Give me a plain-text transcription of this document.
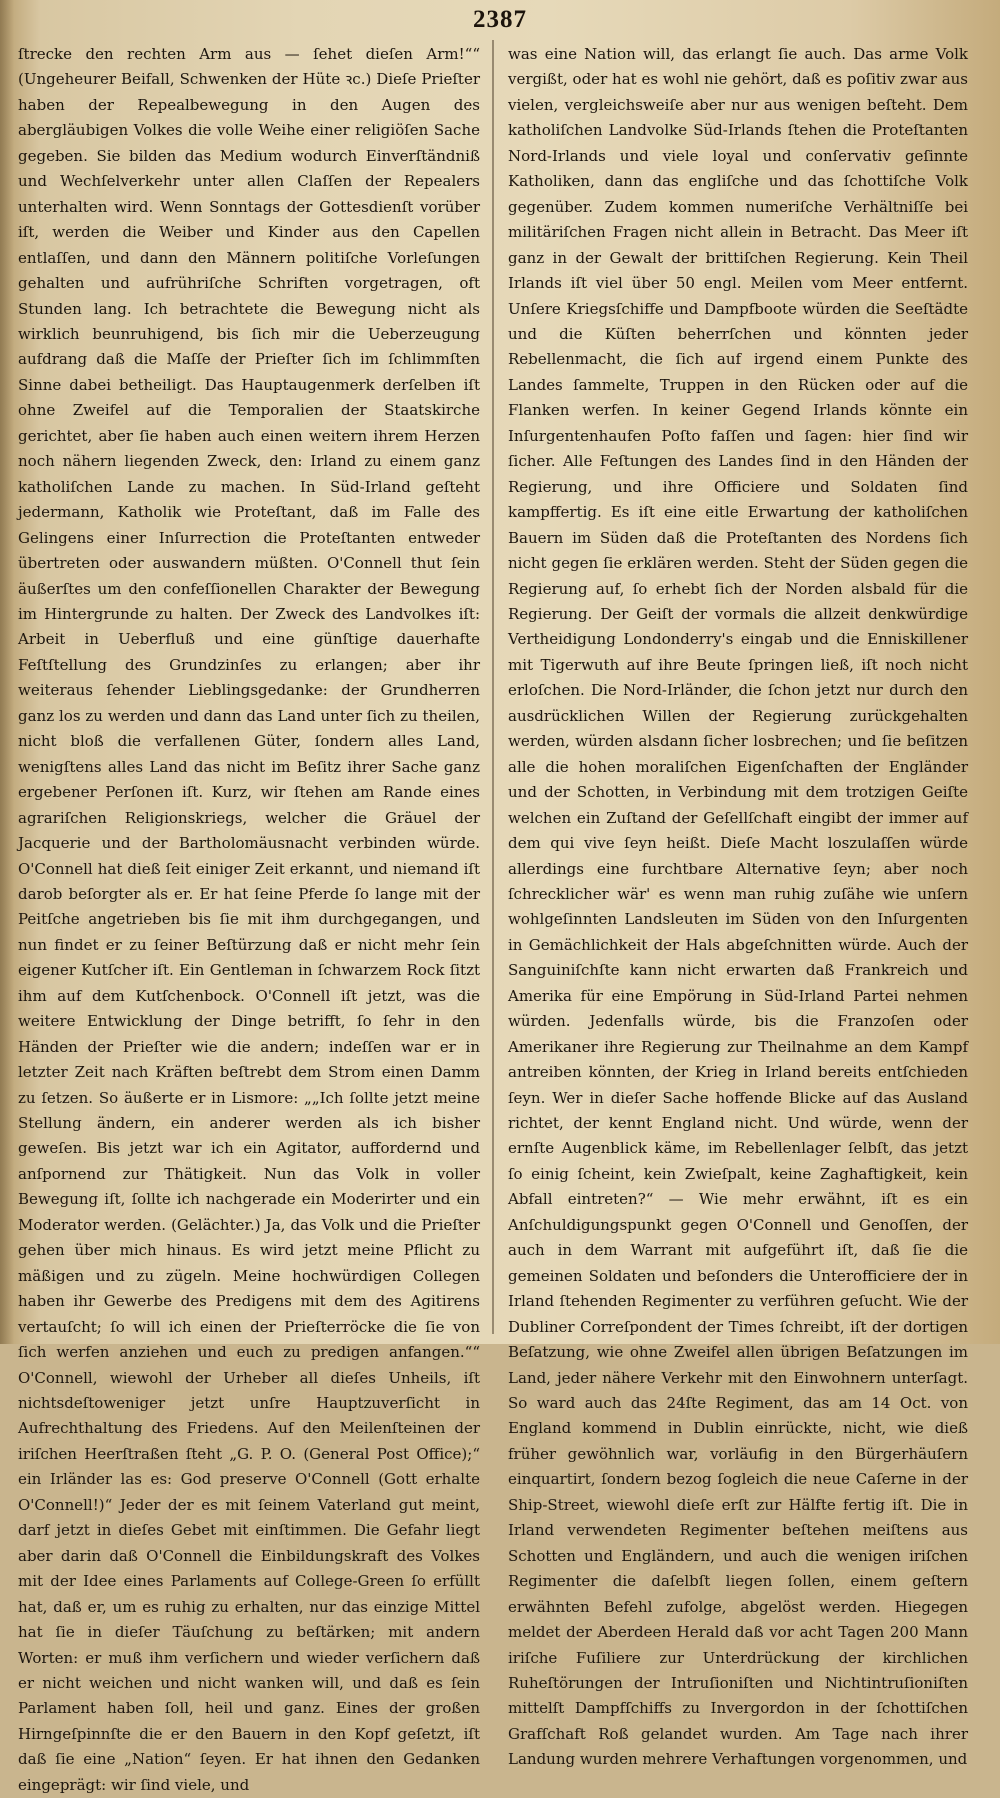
2387

ſtrecke den rechten Arm aus — ſehet dieſen Arm!““ (Ungeheurer Beifall, Schwenken der Hüte ꝛc.) Dieſe Prieſter haben der Repealbewegung in den Augen des abergläubigen Volkes die volle Weihe einer religiöſen Sache gegeben. Sie bilden das Medium wodurch Einverſtändniß und Wechſelverkehr unter allen Claſſen der Repealers unterhalten wird. Wenn Sonntags der Gottesdienſt vorüber iſt, werden die Weiber und Kinder aus den Capellen entlaſſen, und dann den Männern politiſche Vorleſungen gehalten und aufrühriſche Schriften vorgetragen, oft Stunden lang. Ich betrachtete die Bewegung nicht als wirklich beunruhigend, bis ſich mir die Ueberzeugung aufdrang daß die Maſſe der Prieſter ſich im ſchlimmſten Sinne dabei betheiligt. Das Hauptaugenmerk derſelben iſt ohne Zweifel auf die Temporalien der Staatskirche gerichtet, aber ſie haben auch einen weitern ihrem Herzen noch nähern liegenden Zweck, den: Irland zu einem ganz katholiſchen Lande zu machen. In Süd-Irland geſteht jedermann, Katholik wie Proteſtant, daß im Falle des Gelingens einer Inſurrection die Proteſtanten entweder übertreten oder auswandern müßten. O'Connell thut ſein äußerſtes um den confeſſionellen Charakter der Bewegung im Hintergrunde zu halten. Der Zweck des Landvolkes iſt: Arbeit in Ueberfluß und eine günſtige dauerhafte Feſtſtellung des Grundzinſes zu erlangen; aber ihr weiteraus ſehender Lieblingsgedanke: der Grundherren ganz los zu werden und dann das Land unter ſich zu theilen, nicht bloß die verfallenen Güter, ſondern alles Land, wenigſtens alles Land das nicht im Beſitz ihrer Sache ganz ergebener Perſonen iſt. Kurz, wir ſtehen am Rande eines agrariſchen Religionskriegs, welcher die Gräuel der Jacquerie und der Bartholomäusnacht verbinden würde. O'Connell hat dieß ſeit einiger Zeit erkannt, und niemand iſt darob beſorgter als er. Er hat ſeine Pferde ſo lange mit der Peitſche angetrieben bis ſie mit ihm durchgegangen, und nun findet er zu ſeiner Beſtürzung daß er nicht mehr ſein eigener Kutſcher iſt. Ein Gentleman in ſchwarzem Rock ſitzt ihm auf dem Kutſchenbock. O'Connell iſt jetzt, was die weitere Entwicklung der Dinge betrifft, ſo ſehr in den Händen der Prieſter wie die andern; indeſſen war er in letzter Zeit nach Kräften beſtrebt dem Strom einen Damm zu ſetzen. So äußerte er in Lismore: „„Ich ſollte jetzt meine Stellung ändern, ein anderer werden als ich bisher geweſen. Bis jetzt war ich ein Agitator, auffordernd und anſpornend zur Thätigkeit. Nun das Volk in voller Bewegung iſt, ſollte ich nachgerade ein Moderirter und ein Moderator werden. (Gelächter.) Ja, das Volk und die Prieſter gehen über mich hinaus. Es wird jetzt meine Pflicht zu mäßigen und zu zügeln. Meine hochwürdigen Collegen haben ihr Gewerbe des Predigens mit dem des Agitirens vertauſcht; ſo will ich einen der Prieſterröcke die ſie von ſich werfen anziehen und euch zu predigen anfangen.““ O'Connell, wiewohl der Urheber all dieſes Unheils, iſt nichtsdeſtoweniger jetzt unſre Hauptzuverſicht in Aufrechthaltung des Friedens. Auf den Meilenſteinen der iriſchen Heerſtraßen ſteht „G. P. O. (General Post Office);“ ein Irländer las es: God preserve O'Connell (Gott erhalte O'Connell!)“ Jeder der es mit ſeinem Vaterland gut meint, darf jetzt in dieſes Gebet mit einſtimmen. Die Gefahr liegt aber darin daß O'Connell die Einbildungskraft des Volkes mit der Idee eines Parlaments auf College-Green ſo erfüllt hat, daß er, um es ruhig zu erhalten, nur das einzige Mittel hat ſie in dieſer Täuſchung zu beſtärken; mit andern Worten: er muß ihm verſichern und wieder verſichern daß er nicht weichen und nicht wanken will, und daß es ſein Parlament haben ſoll, heil und ganz. Eines der großen Hirngeſpinnſte die er den Bauern in den Kopf geſetzt, iſt daß ſie eine „Nation“ ſeyen. Er hat ihnen den Gedanken eingeprägt: wir ſind viele, und

was eine Nation will, das erlangt ſie auch. Das arme Volk vergißt, oder hat es wohl nie gehört, daß es poſitiv zwar aus vielen, vergleichsweiſe aber nur aus wenigen beſteht. Dem katholiſchen Landvolke Süd-Irlands ſtehen die Proteſtanten Nord-Irlands und viele loyal und conſervativ geſinnte Katholiken, dann das engliſche und das ſchottiſche Volk gegenüber. Zudem kommen numeriſche Verhältniſſe bei militäriſchen Fragen nicht allein in Betracht. Das Meer iſt ganz in der Gewalt der brittiſchen Regierung. Kein Theil Irlands iſt viel über 50 engl. Meilen vom Meer entfernt. Unſere Kriegsſchiffe und Dampfboote würden die Seeſtädte und die Küſten beherrſchen und könnten jeder Rebellenmacht, die ſich auf irgend einem Punkte des Landes ſammelte, Truppen in den Rücken oder auf die Flanken werfen. In keiner Gegend Irlands könnte ein Inſurgentenhaufen Poſto faſſen und ſagen: hier ſind wir ſicher. Alle Feſtungen des Landes ſind in den Händen der Regierung, und ihre Officiere und Soldaten ſind kampffertig. Es iſt eine eitle Erwartung der katholiſchen Bauern im Süden daß die Proteſtanten des Nordens ſich nicht gegen ſie erklären werden. Steht der Süden gegen die Regierung auf, ſo erhebt ſich der Norden alsbald für die Regierung. Der Geiſt der vormals die allzeit denkwürdige Vertheidigung Londonderry's eingab und die Enniskillener mit Tigerwuth auf ihre Beute ſpringen ließ, iſt noch nicht erloſchen. Die Nord-Irländer, die ſchon jetzt nur durch den ausdrücklichen Willen der Regierung zurückgehalten werden, würden alsdann ſicher losbrechen; und ſie beſitzen alle die hohen moraliſchen Eigenſchaften der Engländer und der Schotten, in Verbindung mit dem trotzigen Geiſte welchen ein Zuſtand der Geſellſchaft eingibt der immer auf dem qui vive ſeyn heißt. Dieſe Macht loszulaſſen würde allerdings eine furchtbare Alternative ſeyn; aber noch ſchrecklicher wär' es wenn man ruhig zuſähe wie unſern wohlgeſinnten Landsleuten im Süden von den Inſurgenten in Gemächlichkeit der Hals abgeſchnitten würde. Auch der Sanguiniſchſte kann nicht erwarten daß Frankreich und Amerika für eine Empörung in Süd-Irland Partei nehmen würden. Jedenfalls würde, bis die Franzoſen oder Amerikaner ihre Regierung zur Theilnahme an dem Kampf antreiben könnten, der Krieg in Irland bereits entſchieden ſeyn. Wer in dieſer Sache hoffende Blicke auf das Ausland richtet, der kennt England nicht. Und würde, wenn der ernſte Augenblick käme, im Rebellenlager ſelbſt, das jetzt ſo einig ſcheint, kein Zwieſpalt, keine Zaghaftigkeit, kein Abfall eintreten?“ — Wie mehr erwähnt, iſt es ein Anſchuldigungspunkt gegen O'Connell und Genoſſen, der auch in dem Warrant mit aufgeführt iſt, daß ſie die gemeinen Soldaten und beſonders die Unterofficiere der in Irland ſtehenden Regimenter zu verführen geſucht. Wie der Dubliner Correſpondent der Times ſchreibt, iſt der dortigen Beſatzung, wie ohne Zweifel allen übrigen Beſatzungen im Land, jeder nähere Verkehr mit den Einwohnern unterſagt. So ward auch das 24ſte Regiment, das am 14 Oct. von England kommend in Dublin einrückte, nicht, wie dieß früher gewöhnlich war, vorläufig in den Bürgerhäuſern einquartirt, ſondern bezog ſogleich die neue Caſerne in der Ship-Street, wiewohl dieſe erſt zur Hälfte fertig iſt. Die in Irland verwendeten Regimenter beſtehen meiſtens aus Schotten und Engländern, und auch die wenigen iriſchen Regimenter die daſelbſt liegen ſollen, einem geſtern erwähnten Befehl zufolge, abgelöst werden. Hiegegen meldet der Aberdeen Herald daß vor acht Tagen 200 Mann iriſche Fuſiliere zur Unterdrückung der kirchlichen Ruheſtörungen der Intruſioniſten und Nichtintruſioniſten mittelſt Dampfſchiffs zu Invergordon in der ſchottiſchen Grafſchaft Roß gelandet wurden. Am Tage nach ihrer Landung wurden mehrere Verhaftungen vorgenommen, und
